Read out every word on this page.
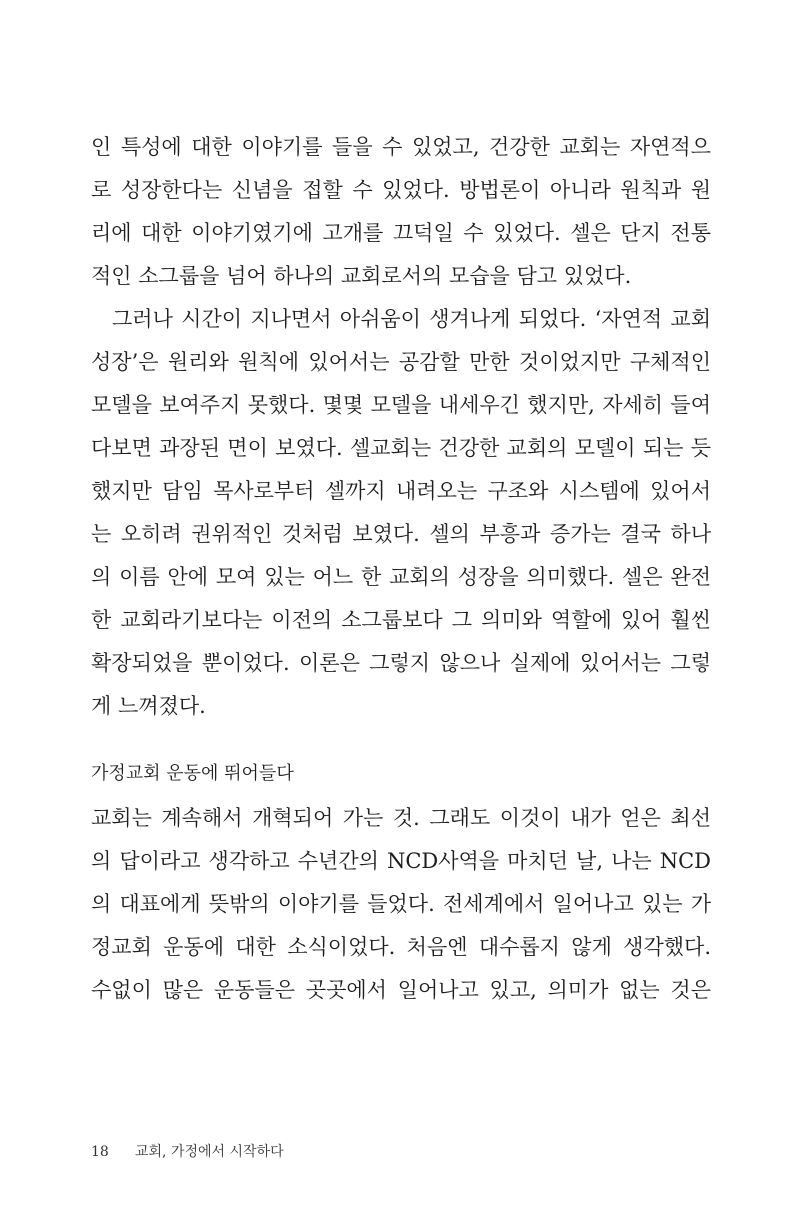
인 특성에 대한 이야기를 들을 수 있었고, 건강한 교회는 자연적으
로 성장한다는 신념을 접할 수 있었다. 방법론이 아니라 원칙과 원
리에 대한 이야기였기에 고개를 끄덕일 수 있었다. 셀은 단지 전통
적인 소그룹을 넘어 하나의 교회로서의 모습을 담고 있었다.
그러나 시간이 지나면서 아쉬움이 생겨나게 되었다. ‘자연적 교회
성장’은 원리와 원칙에 있어서는 공감할 만한 것이었지만 구체적인
모델을 보여주지 못했다. 몇몇 모델을 내세우긴 했지만, 자세히 들여
다보면 과장된 면이 보였다. 셀교회는 건강한 교회의 모델이 되는 듯
했지만 담임 목사로부터 셀까지 내려오는 구조와 시스템에 있어서
는 오히려 권위적인 것처럼 보였다. 셀의 부흥과 증가는 결국 하나
의 이름 안에 모여 있는 어느 한 교회의 성장을 의미했다. 셀은 완전
한 교회라기보다는 이전의 소그룹보다 그 의미와 역할에 있어 훨씬
확장되었을 뿐이었다. 이론은 그렇지 않으나 실제에 있어서는 그렇
게 느껴졌다.
가정교회 운동에 뛰어들다
교회는 계속해서 개혁되어 가는 것. 그래도 이것이 내가 얻은 최선
의 답이라고 생각하고 수년간의 NCD사역을 마치던 날, 나는 NCD
의 대표에게 뜻밖의 이야기를 들었다. 전세계에서 일어나고 있는 가
정교회 운동에 대한 소식이었다. 처음엔 대수롭지 않게 생각했다.
수없이 많은 운동들은 곳곳에서 일어나고 있고, 의미가 없는 것은
18 교회, 가정에서 시작하다
